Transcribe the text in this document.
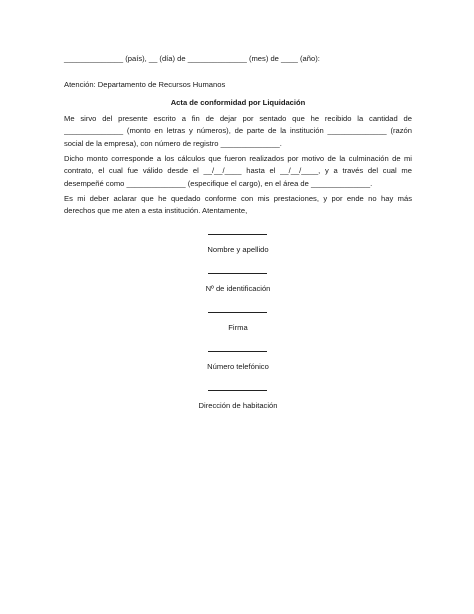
______________ (país), __ (día) de ______________ (mes) de ____ (año):
Atención: Departamento de Recursos Humanos
Acta de conformidad por Liquidación
Me sirvo del presente escrito a fin de dejar por sentado que he recibido la cantidad de
______________ (monto en letras y números), de parte de la institución ______________ (razón
social de la empresa), con número de registro ______________.
Dicho monto corresponde a los cálculos que fueron realizados por motivo de la culminación de mi
contrato, el cual fue válido desde el __/__/____ hasta el __/__/____, y a través del cual me
desempeñé como ______________ (especifique el cargo), en el área de ______________.
Es mi deber aclarar que he quedado conforme con mis prestaciones, y por ende no hay más
derechos que me aten a esta institución. Atentamente,
Nombre y apellido
Nº de identificación
Firma
Número telefónico
Dirección de habitación
